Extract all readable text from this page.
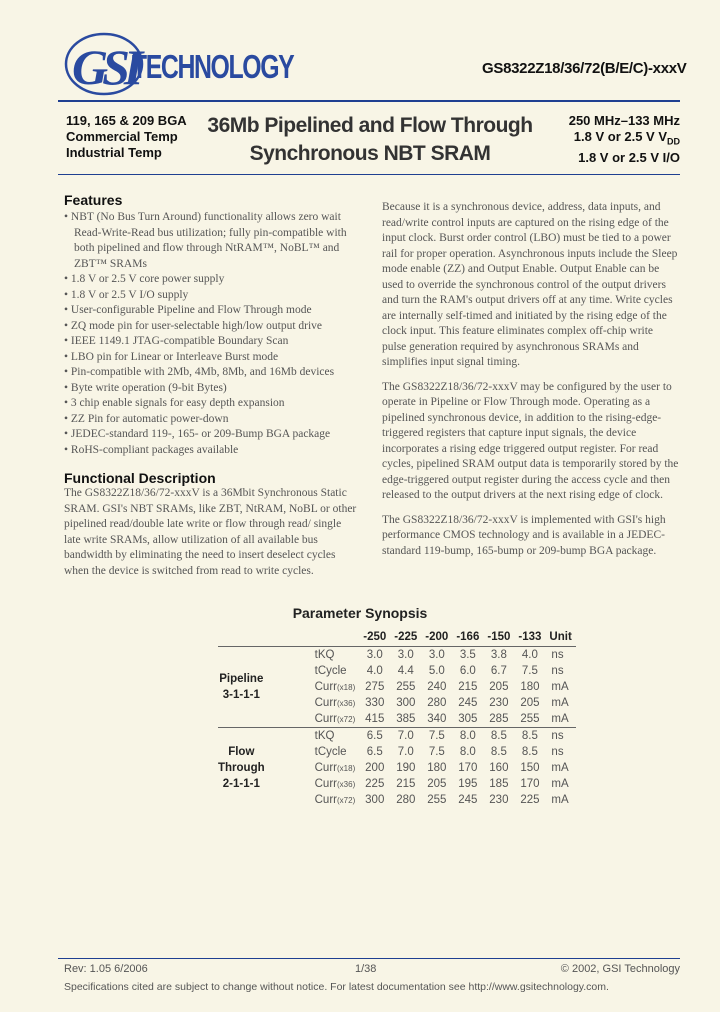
GSI
TECHNOLOGY	GS8322Z18/36/72(B/E/C)-xxxV
119, 165 & 209 BGA
Commercial Temp
Industrial Temp
36Mb Pipelined and Flow Through
Synchronous NBT SRAM
250 MHz–133 MHz
1.8 V or 2.5 V $V_{DD}$
1.8 V or 2.5 V I/O
Features
• NBT (No Bus Turn Around) functionality allows zero wait Read-Write-Read bus utilization; fully pin-compatible with both pipelined and flow through NtRAM™, NoBL™ and ZBT™ SRAMs
• 1.8 V or 2.5 V core power supply
• 1.8 V or 2.5 V I/O supply
• User-configurable Pipeline and Flow Through mode
• ZQ mode pin for user-selectable high/low output drive
• IEEE 1149.1 JTAG-compatible Boundary Scan
• LBO pin for Linear or Interleave Burst mode
• Pin-compatible with 2Mb, 4Mb, 8Mb, and 16Mb devices
• Byte write operation (9-bit Bytes)
• 3 chip enable signals for easy depth expansion
• ZZ Pin for automatic power-down
• JEDEC-standard 119-, 165- or 209-Bump BGA package
• RoHS-compliant packages available
Functional Description

The GS8322Z18/36/72-xxxV is a 36Mbit Synchronous Static SRAM. GSI's NBT SRAMs, like ZBT, NtRAM, NoBL or other pipelined read/double late write or flow through read/ single late write SRAMs, allow utilization of all available bus bandwidth by eliminating the need to insert deselect cycles when the device is switched from read to write cycles.

Because it is a synchronous device, address, data inputs, and read/write control inputs are captured on the rising edge of the input clock. Burst order control (LBO) must be tied to a power rail for proper operation. Asynchronous inputs include the Sleep mode enable (ZZ) and Output Enable. Output Enable can be used to override the synchronous control of the output drivers and turn the RAM's output drivers off at any time. Write cycles are internally self-timed and initiated by the rising edge of the clock input. This feature eliminates complex off-chip write pulse generation required by asynchronous SRAMs and simplifies input signal timing.

The GS8322Z18/36/72-xxxV may be configured by the user to operate in Pipeline or Flow Through mode. Operating as a pipelined synchronous device, in addition to the rising-edge-triggered registers that capture input signals, the device incorporates a rising edge triggered output register. For read cycles, pipelined SRAM output data is temporarily stored by the edge-triggered output register during the access cycle and then released to the output drivers at the next rising edge of clock.

The GS8322Z18/36/72-xxxV is implemented with GSI's high performance CMOS technology and is available in a JEDEC-standard 119-bump, 165-bump or 209-bump BGA package.

Parameter Synopsis
		-250	-225	-200	-166	-150	-133	Unit

Pipeline
3-1-1-1	tKQ	3.0	3.0	3.0	3.5	3.8	4.0	ns
	tCycle	4.0	4.4	5.0	6.0	6.7	7.5	ns
	Curr(x18)	275	255	240	215	205	180	mA
	Curr(x36)	330	300	280	245	230	205	mA
	Curr(x72)	415	385	340	305	285	255	mA

Flow
Through
2-1-1-1	tKQ	6.5	7.0	7.5	8.0	8.5	8.5	ns
	tCycle	6.5	7.0	7.5	8.0	8.5	8.5	ns
	Curr(x18)	200	190	180	170	160	150	mA
	Curr(x36)	225	215	205	195	185	170	mA
	Curr(x72)	300	280	255	245	230	225	mA
Rev: 1.05 6/2006	1/38	© 2002, GSI Technology
Specifications cited are subject to change without notice. For latest documentation see http://www.gsitechnology.com.
